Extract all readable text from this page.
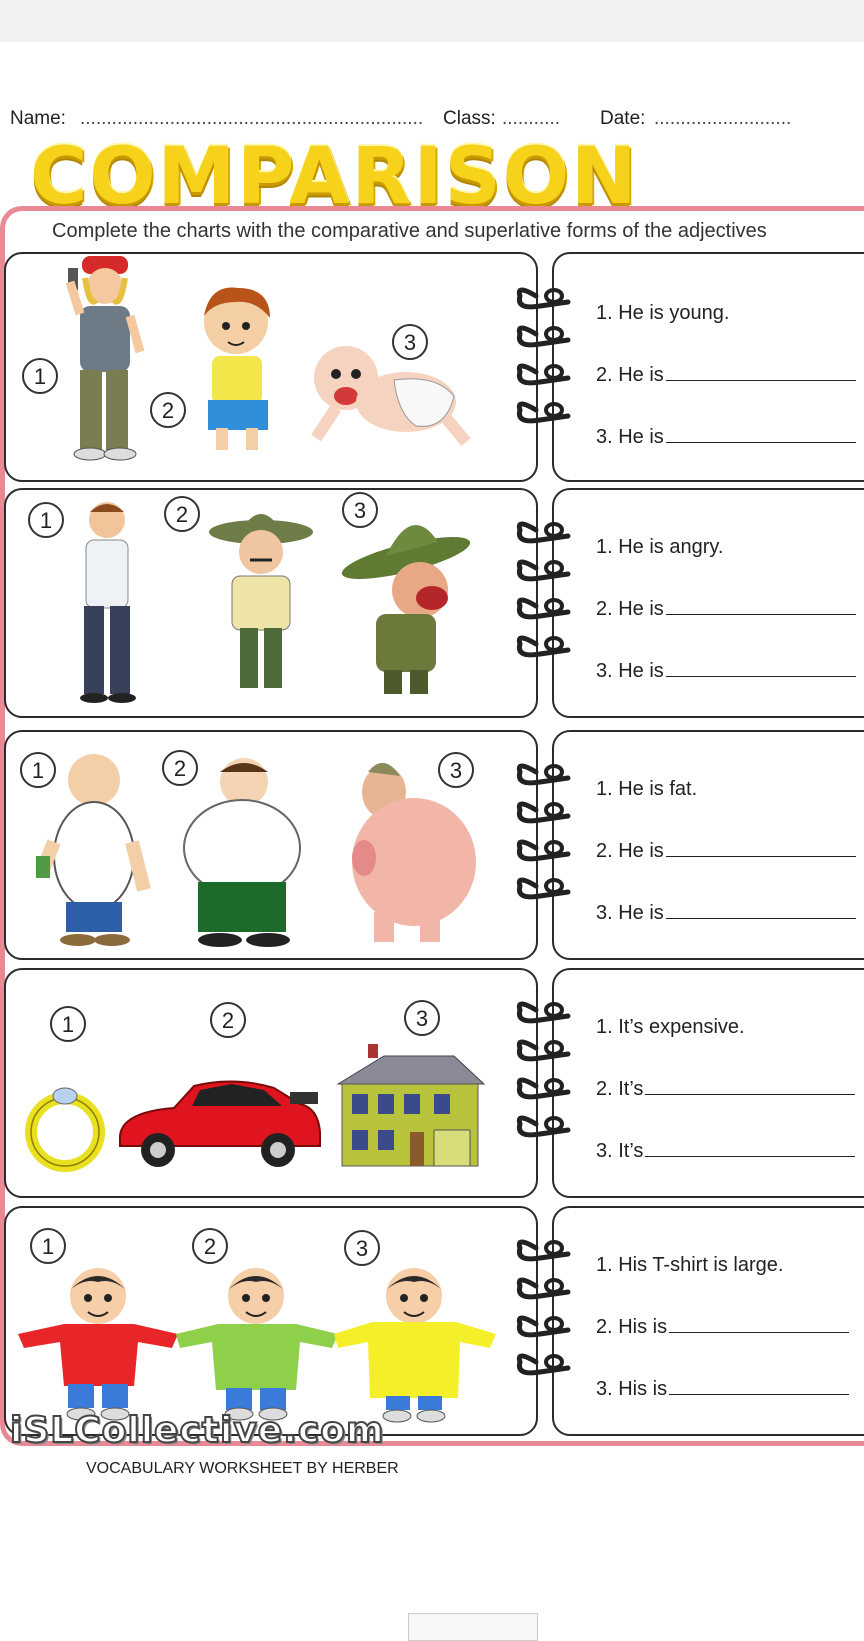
Name: ................................................................. Class: ........... Date: ..........................
COMPARISON
Complete the charts with the comparative and superlative forms of the adjectives
1
2
3
1	2	3
1	2	3
1	2	3
1	2	3
1. He is young.
2. He is
3. He is
1. He is angry.
2. He is
3. He is
1. He is fat.
2. He is
3. He is
1. It’s expensive.
2. It’s
3. It’s
1. His T-shirt is large.
2. His is
3. His is
iSLCollective.com
VOCABULARY WORKSHEET BY HERBER
